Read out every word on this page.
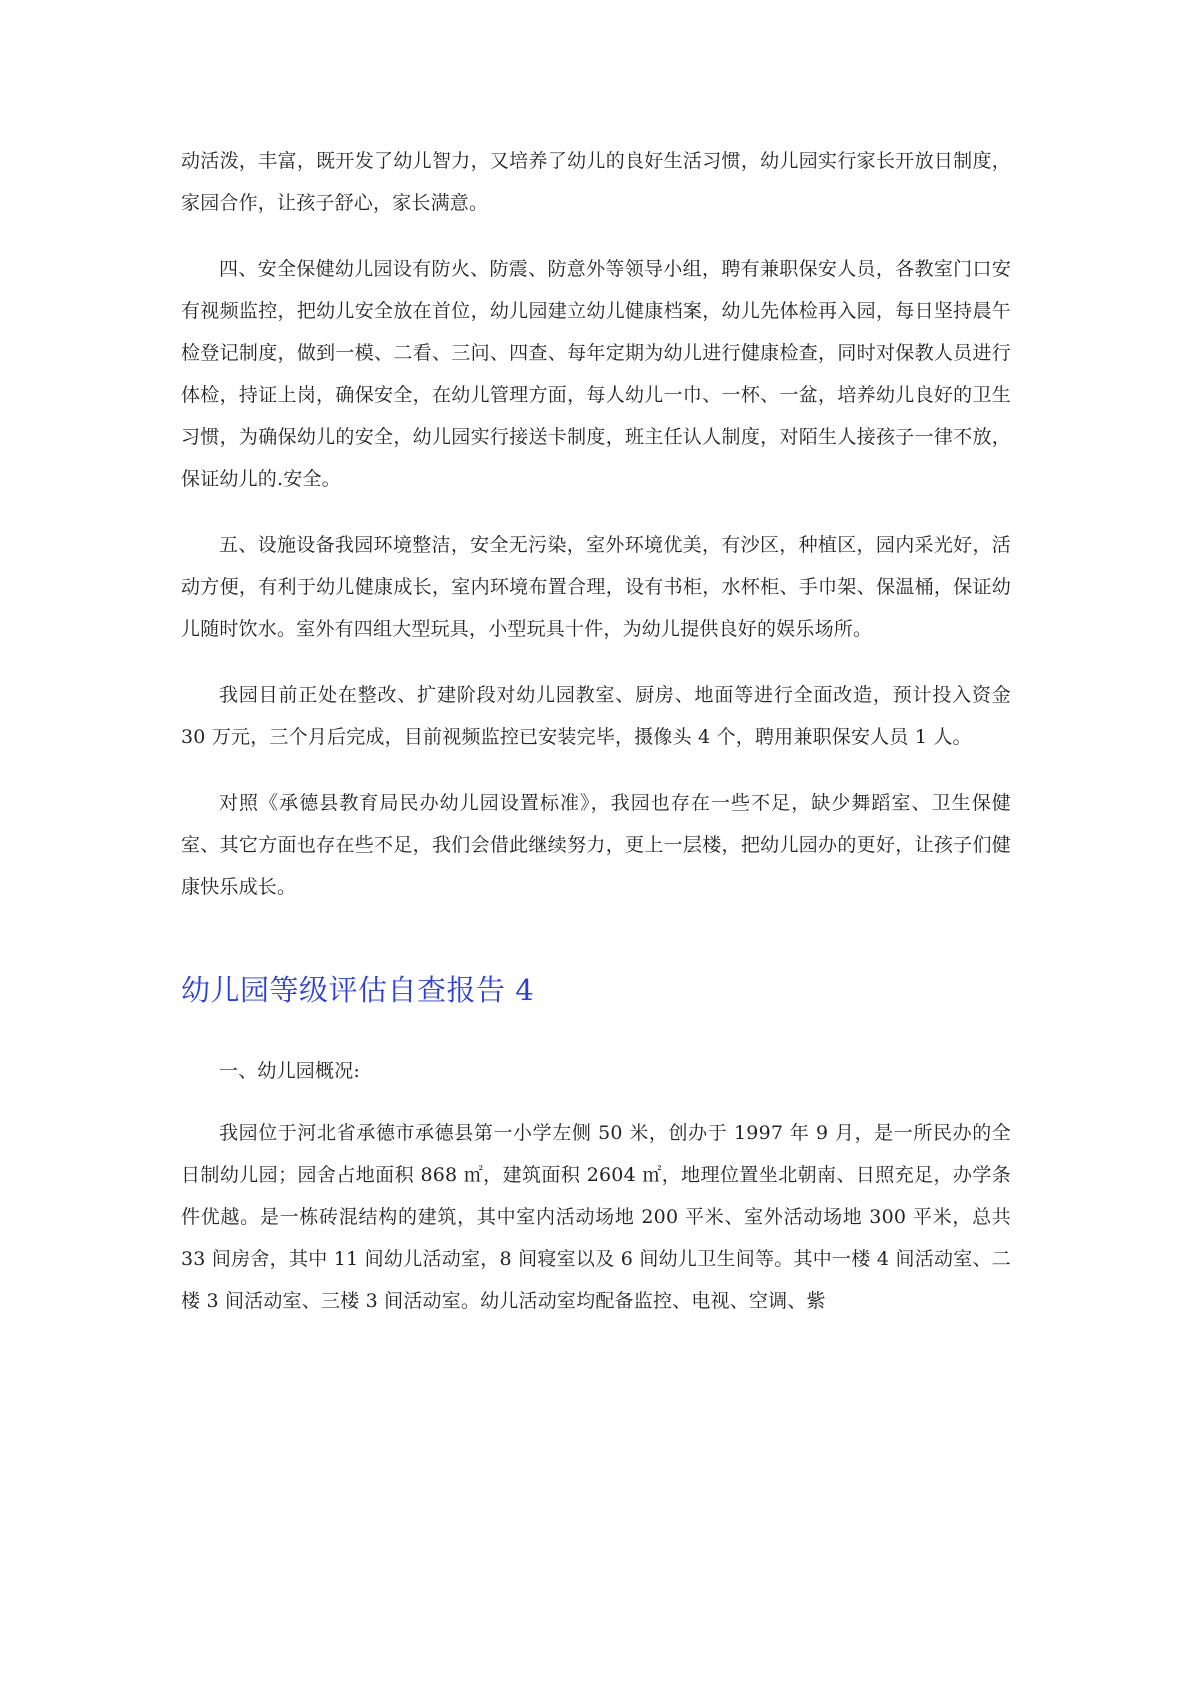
动活泼，丰富，既开发了幼儿智力，又培养了幼儿的良好生活习惯，幼儿园实行家长开放日制度，家园合作，让孩子舒心，家长满意。

四、安全保健幼儿园设有防火、防震、防意外等领导小组，聘有兼职保安人员，各教室门口安有视频监控，把幼儿安全放在首位，幼儿园建立幼儿健康档案，幼儿先体检再入园，每日坚持晨午检登记制度，做到一模、二看、三问、四查、每年定期为幼儿进行健康检查，同时对保教人员进行体检，持证上岗，确保安全，在幼儿管理方面，每人幼儿一巾、一杯、一盆，培养幼儿良好的卫生习惯，为确保幼儿的安全，幼儿园实行接送卡制度，班主任认人制度，对陌生人接孩子一律不放，保证幼儿的.安全。

五、设施设备我园环境整洁，安全无污染，室外环境优美，有沙区，种植区，园内采光好，活动方便，有利于幼儿健康成长，室内环境布置合理，设有书柜，水杯柜、手巾架、保温桶，保证幼儿随时饮水。室外有四组大型玩具，小型玩具十件，为幼儿提供良好的娱乐场所。

我园目前正处在整改、扩建阶段对幼儿园教室、厨房、地面等进行全面改造，预计投入资金 30 万元，三个月后完成，目前视频监控已安装完毕，摄像头 4 个，聘用兼职保安人员 1 人。

对照《承德县教育局民办幼儿园设置标准》，我园也存在一些不足，缺少舞蹈室、卫生保健室、其它方面也存在些不足，我们会借此继续努力，更上一层楼，把幼儿园办的更好，让孩子们健康快乐成长。

幼儿园等级评估自查报告 4

一、幼儿园概况:

我园位于河北省承德市承德县第一小学左侧 50 米，创办于 1997 年 9 月，是一所民办的全日制幼儿园；园舍占地面积 868 ㎡，建筑面积 2604 ㎡，地理位置坐北朝南、日照充足，办学条件优越。是一栋砖混结构的建筑，其中室内活动场地 200 平米、室外活动场地 300 平米，总共 33 间房舍，其中 11 间幼儿活动室，8 间寝室以及 6 间幼儿卫生间等。其中一楼 4 间活动室、二楼 3 间活动室、三楼 3 间活动室。幼儿活动室均配备监控、电视、空调、紫
